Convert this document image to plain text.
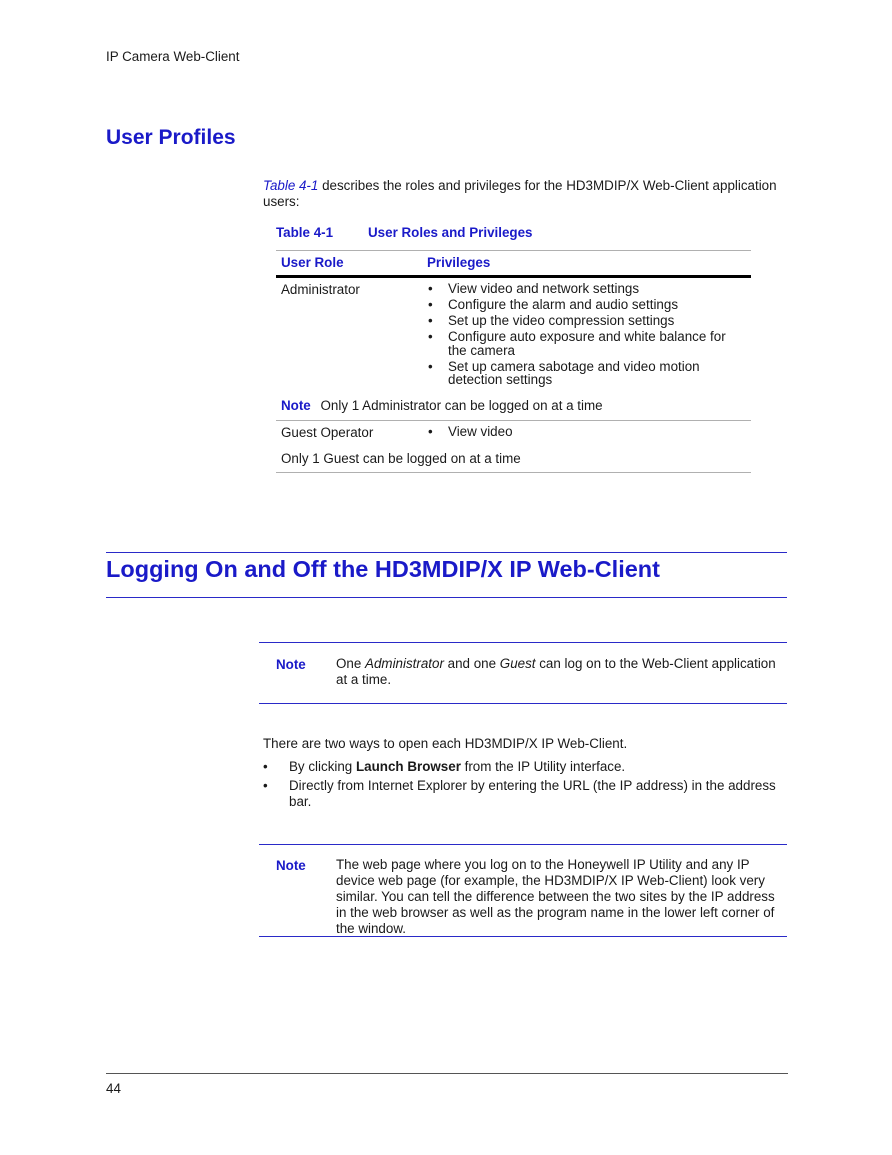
IP Camera Web-Client
User Profiles
Table 4-1 describes the roles and privileges for the HD3MDIP/X Web-Client application users:
Table 4-1	User Roles and Privileges
User Role	Privileges
Administrator	• View video and network settings
• Configure the alarm and audio settings
• Set up the video compression settings
• Configure auto exposure and white balance for the camera
• Set up camera sabotage and video motion detection settings
Note Only 1 Administrator can be logged on at a time
Guest Operator	• View video
Only 1 Guest can be logged on at a time
Logging On and Off the HD3MDIP/X IP Web-Client
Note One Administrator and one Guest can log on to the Web-Client application at a time.
There are two ways to open each HD3MDIP/X IP Web-Client.
• By clicking Launch Browser from the IP Utility interface.
• Directly from Internet Explorer by entering the URL (the IP address) in the address bar.
Note The web page where you log on to the Honeywell IP Utility and any IP device web page (for example, the HD3MDIP/X IP Web-Client) look very similar. You can tell the difference between the two sites by the IP address in the web browser as well as the program name in the lower left corner of the window.
44
